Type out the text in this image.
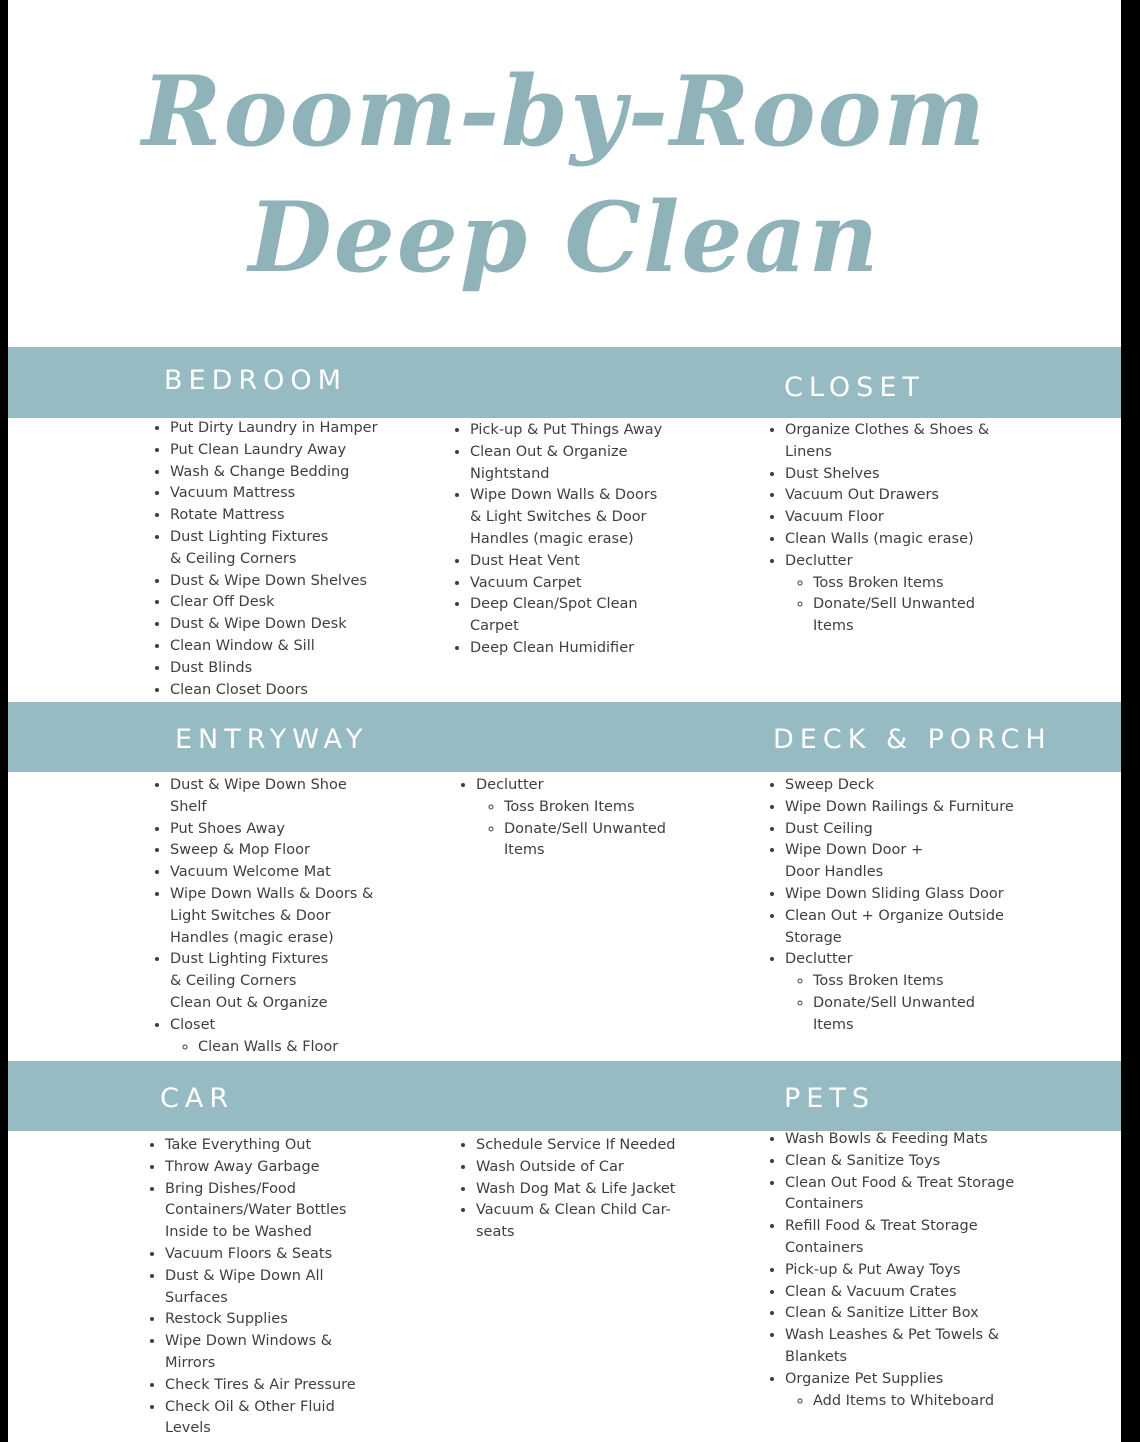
Room-by-Room
Deep Clean
BEDROOM	CLOSET
• Put Dirty Laundry in Hamper
• Put Clean Laundry Away
• Wash & Change Bedding
• Vacuum Mattress
• Rotate Mattress
• Dust Lighting Fixtures & Ceiling Corners
• Dust & Wipe Down Shelves
• Clear Off Desk
• Dust & Wipe Down Desk
• Clean Window & Sill
• Dust Blinds
• Clean Closet Doors
• Pick-up & Put Things Away
• Clean Out & Organize Nightstand
• Wipe Down Walls & Doors & Light Switches & Door Handles (magic erase)
• Dust Heat Vent
• Vacuum Carpet
• Deep Clean/Spot Clean Carpet
• Deep Clean Humidifier
• Organize Clothes & Shoes & Linens
• Dust Shelves
• Vacuum Out Drawers
• Vacuum Floor
• Clean Walls (magic erase)
• Declutter
◦ Toss Broken Items
◦ Donate/Sell Unwanted Items
ENTRYWAY	DECK & PORCH
• Dust & Wipe Down Shoe Shelf
• Put Shoes Away
• Sweep & Mop Floor
• Vacuum Welcome Mat
• Wipe Down Walls & Doors & Light Switches & Door Handles (magic erase)
• Dust Lighting Fixtures & Ceiling Corners
• Clean Out & Organize Closet
◦ Clean Walls & Floor
• Declutter
◦ Toss Broken Items
◦ Donate/Sell Unwanted Items
• Sweep Deck
• Wipe Down Railings & Furniture
• Dust Ceiling
• Wipe Down Door + Door Handles
• Wipe Down Sliding Glass Door
• Clean Out + Organize Outside Storage
• Declutter
◦ Toss Broken Items
◦ Donate/Sell Unwanted Items
CAR	PETS
• Take Everything Out
• Throw Away Garbage
• Bring Dishes/Food Containers/Water Bottles Inside to be Washed
• Vacuum Floors & Seats
• Dust & Wipe Down All Surfaces
• Restock Supplies
• Wipe Down Windows & Mirrors
• Check Tires & Air Pressure
• Check Oil & Other Fluid Levels
• Schedule Service If Needed
• Wash Outside of Car
• Wash Dog Mat & Life Jacket
• Vacuum & Clean Child Car-seats
• Wash Bowls & Feeding Mats
• Clean & Sanitize Toys
• Clean Out Food & Treat Storage Containers
• Refill Food & Treat Storage Containers
• Pick-up & Put Away Toys
• Clean & Vacuum Crates
• Clean & Sanitize Litter Box
• Wash Leashes & Pet Towels & Blankets
• Organize Pet Supplies
◦ Add Items to Whiteboard
